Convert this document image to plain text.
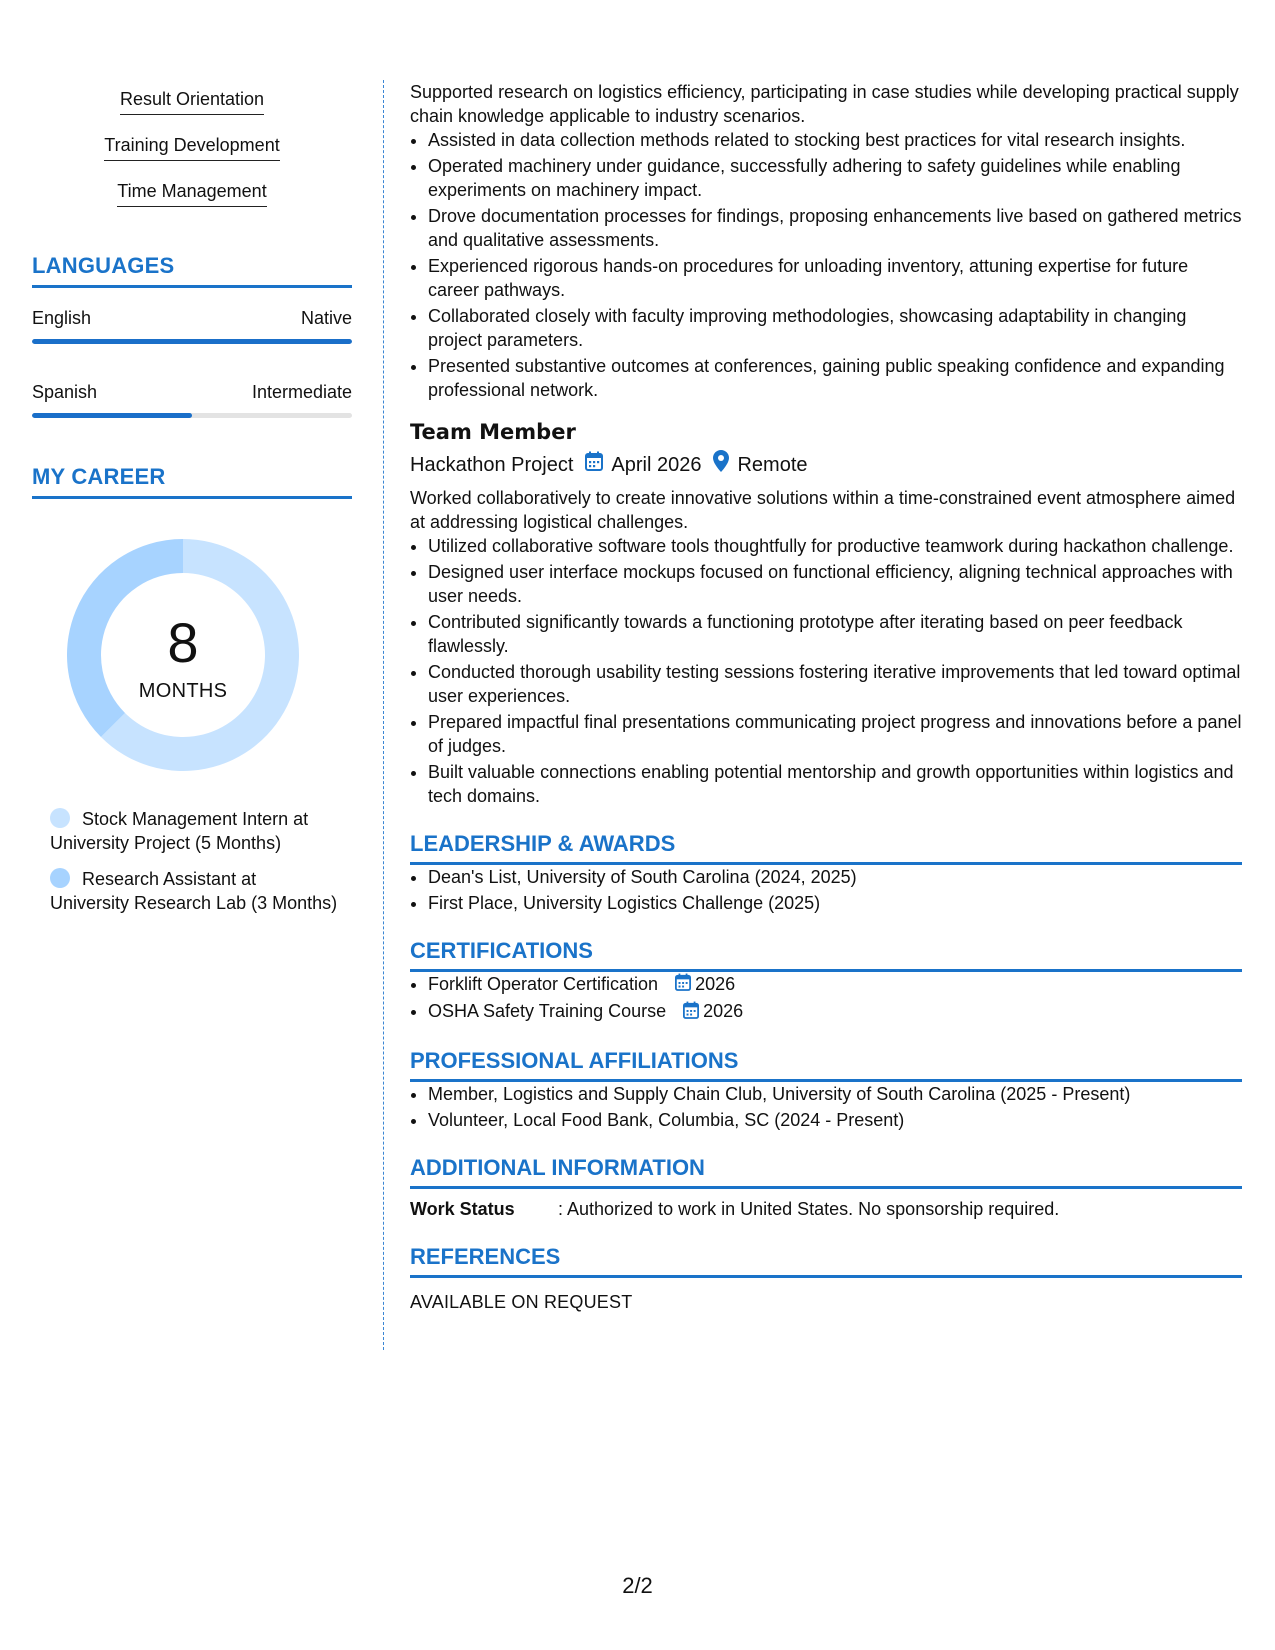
Result Orientation
Training Development
Time Management
LANGUAGES
English	Native
Spanish	Intermediate
MY CAREER
8
MONTHS
Stock Management Intern at University Project (5 Months)
Research Assistant at University Research Lab (3 Months)

Supported research on logistics efficiency, participating in case studies while developing practical supply chain knowledge applicable to industry scenarios.

• Assisted in data collection methods related to stocking best practices for vital research insights.
• Operated machinery under guidance, successfully adhering to safety guidelines while enabling experiments on machinery impact.
• Drove documentation processes for findings, proposing enhancements live based on gathered metrics and qualitative assessments.
• Experienced rigorous hands-on procedures for unloading inventory, attuning expertise for future career pathways.
• Collaborated closely with faculty improving methodologies, showcasing adaptability in changing project parameters.
• Presented substantive outcomes at conferences, gaining public speaking confidence and expanding professional network.
Team Member
Hackathon Project April 2026 Remote

Worked collaboratively to create innovative solutions within a time-constrained event atmosphere aimed at addressing logistical challenges.

• Utilized collaborative software tools thoughtfully for productive teamwork during hackathon challenge.
• Designed user interface mockups focused on functional efficiency, aligning technical approaches with user needs.
• Contributed significantly towards a functioning prototype after iterating based on peer feedback flawlessly.
• Conducted thorough usability testing sessions fostering iterative improvements that led toward optimal user experiences.
• Prepared impactful final presentations communicating project progress and innovations before a panel of judges.
• Built valuable connections enabling potential mentorship and growth opportunities within logistics and tech domains.
LEADERSHIP & AWARDS
• Dean's List, University of South Carolina (2024, 2025)
• First Place, University Logistics Challenge (2025)
CERTIFICATIONS
• Forklift Operator Certification 2026
• OSHA Safety Training Course 2026
PROFESSIONAL AFFILIATIONS
• Member, Logistics and Supply Chain Club, University of South Carolina (2025 - Present)
• Volunteer, Local Food Bank, Columbia, SC (2024 - Present)
ADDITIONAL INFORMATION
Work Status	: Authorized to work in United States. No sponsorship required.
REFERENCES
AVAILABLE ON REQUEST
2/2
